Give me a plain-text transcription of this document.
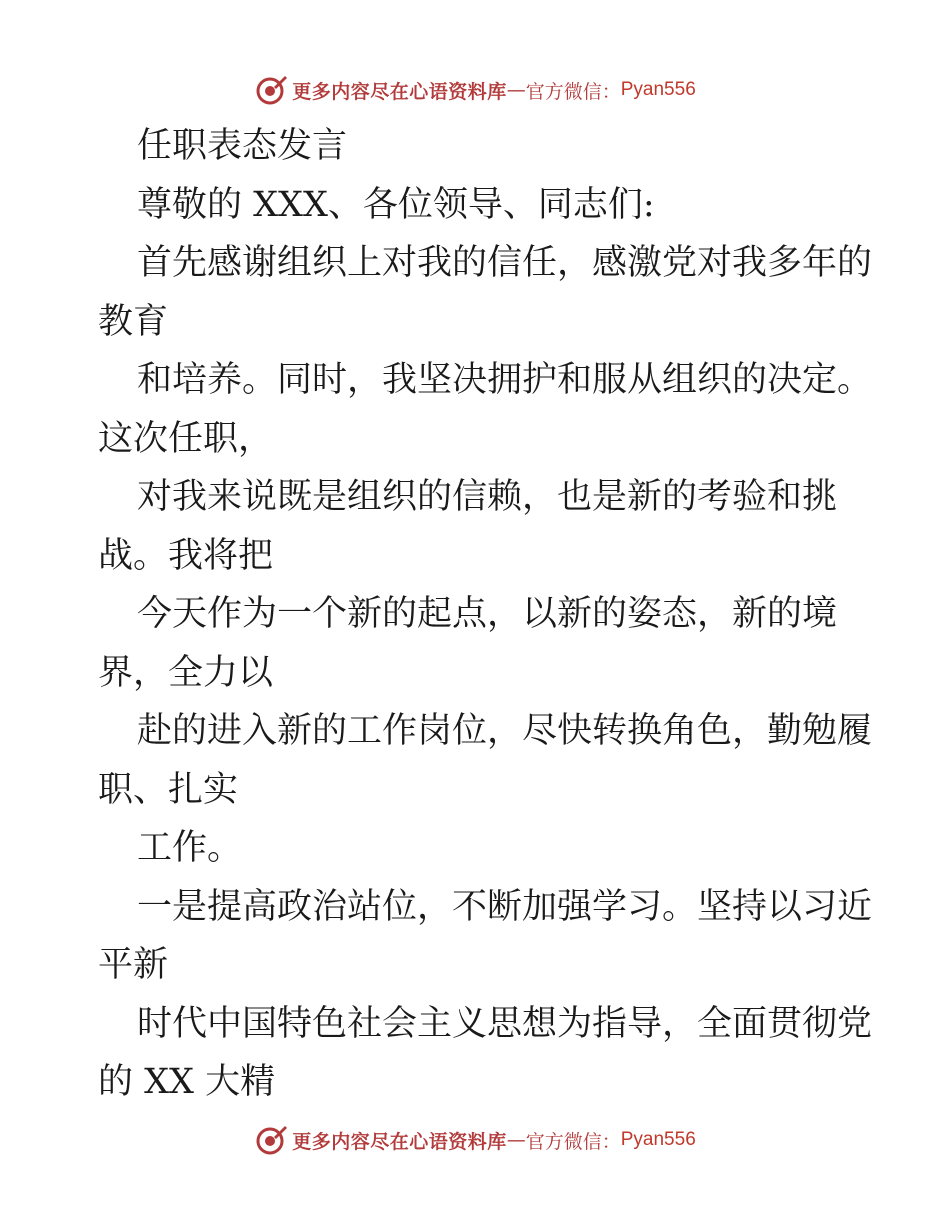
更多内容尽在心语资料库 — 官方微信： Pyan556
任职表态发言
尊敬的 XXX、各位领导、同志们:
首先感谢组织上对我的信任，感激党对我多年的
教育
和培养。同时，我坚决拥护和服从组织的决定。
这次任职，
对我来说既是组织的信赖，也是新的考验和挑
战。我将把
今天作为一个新的起点，以新的姿态，新的境
界，全力以
赴的进入新的工作岗位，尽快转换角色，勤勉履
职、扎实
工作。
一是提高政治站位，不断加强学习。坚持以习近
平新
时代中国特色社会主义思想为指导，全面贯彻党
的 XX 大精
更多内容尽在心语资料库 — 官方微信： Pyan556
